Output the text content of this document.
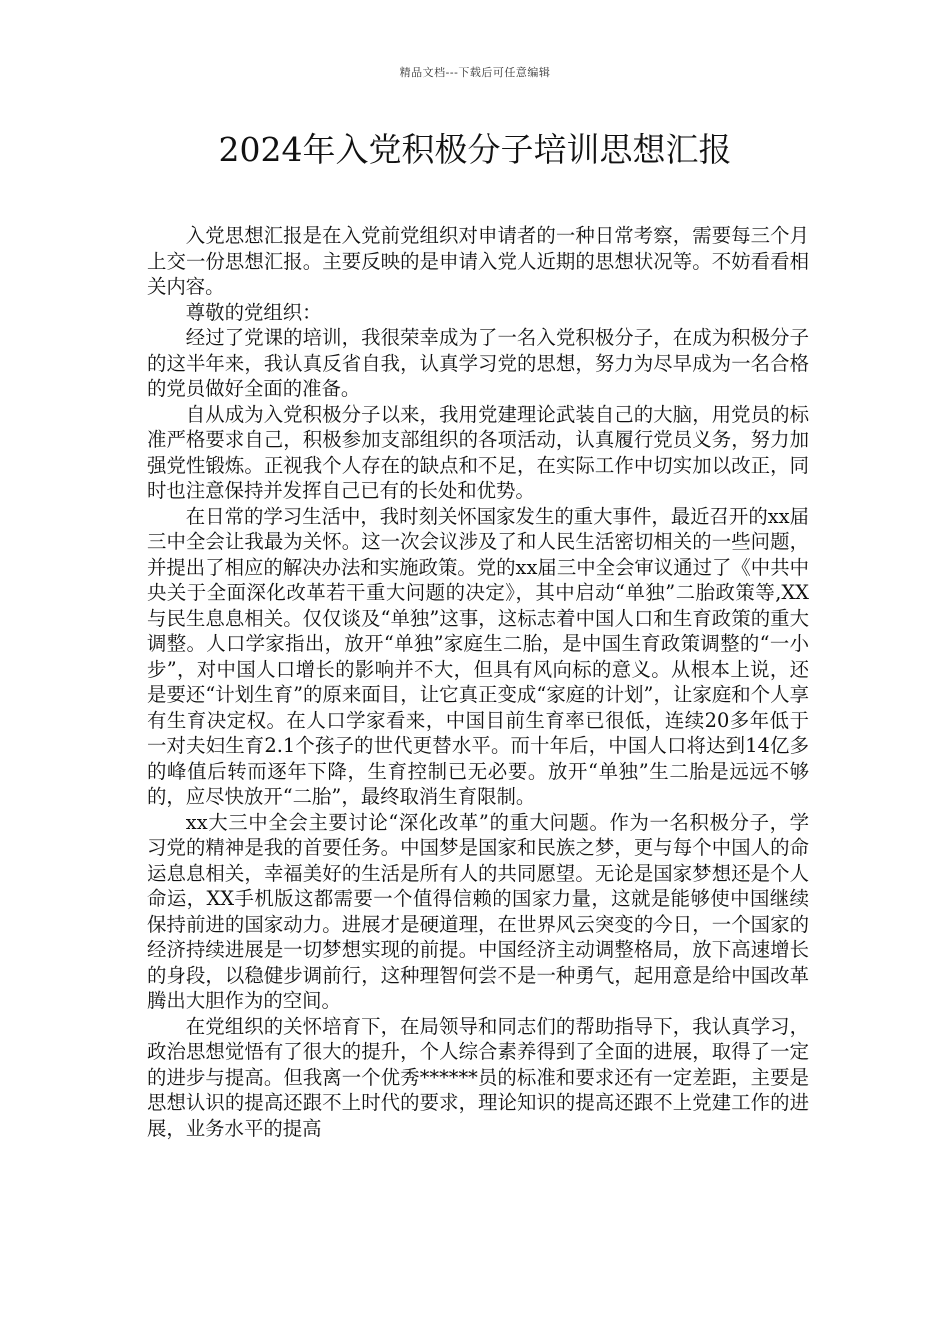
精品文档---下载后可任意编辑
2024年入党积极分子培训思想汇报

入党思想汇报是在入党前党组织对申请者的一种日常考察，需要每三个月上交一份思想汇报。主要反映的是申请入党人近期的思想状况等。不妨看看相关内容。

尊敬的党组织：

经过了党课的培训，我很荣幸成为了一名入党积极分子，在成为积极分子的这半年来，我认真反省自我，认真学习党的思想，努力为尽早成为一名合格的党员做好全面的准备。

自从成为入党积极分子以来，我用党建理论武装自己的大脑，用党员的标准严格要求自己，积极参加支部组织的各项活动，认真履行党员义务，努力加强党性锻炼。正视我个人存在的缺点和不足，在实际工作中切实加以改正，同时也注意保持并发挥自己已有的长处和优势。

在日常的学习生活中，我时刻关怀国家发生的重大事件，最近召开的xx届三中全会让我最为关怀。这一次会议涉及了和人民生活密切相关的一些问题，并提出了相应的解决办法和实施政策。党的xx届三中全会审议通过了《中共中央关于全面深化改革若干重大问题的决定》，其中启动“单独”二胎政策等,XX与民生息息相关。仅仅谈及“单独”这事，这标志着中国人口和生育政策的重大调整。人口学家指出，放开“单独”家庭生二胎，是中国生育政策调整的“一小步”，对中国人口增长的影响并不大，但具有风向标的意义。从根本上说，还是要还“计划生育”的原来面目，让它真正变成“家庭的计划”，让家庭和个人享有生育决定权。在人口学家看来，中国目前生育率已很低，连续20多年低于一对夫妇生育2.1个孩子的世代更替水平。而十年后，中国人口将达到14亿多的峰值后转而逐年下降，生育控制已无必要。放开“单独”生二胎是远远不够的，应尽快放开“二胎”，最终取消生育限制。

xx大三中全会主要讨论“深化改革”的重大问题。作为一名积极分子，学习党的精神是我的首要任务。中国梦是国家和民族之梦，更与每个中国人的命运息息相关，幸福美好的生活是所有人的共同愿望。无论是国家梦想还是个人命运，XX手机版这都需要一个值得信赖的国家力量，这就是能够使中国继续保持前进的国家动力。进展才是硬道理，在世界风云突变的今日，一个国家的经济持续进展是一切梦想实现的前提。中国经济主动调整格局，放下高速增长的身段，以稳健步调前行，这种理智何尝不是一种勇气，起用意是给中国改革腾出大胆作为的空间。

在党组织的关怀培育下，在局领导和同志们的帮助指导下，我认真学习，政治思想觉悟有了很大的提升，个人综合素养得到了全面的进展，取得了一定的进步与提高。但我离一个优秀******员的标准和要求还有一定差距，主要是思想认识的提高还跟不上时代的要求，理论知识的提高还跟不上党建工作的进展，业务水平的提高
